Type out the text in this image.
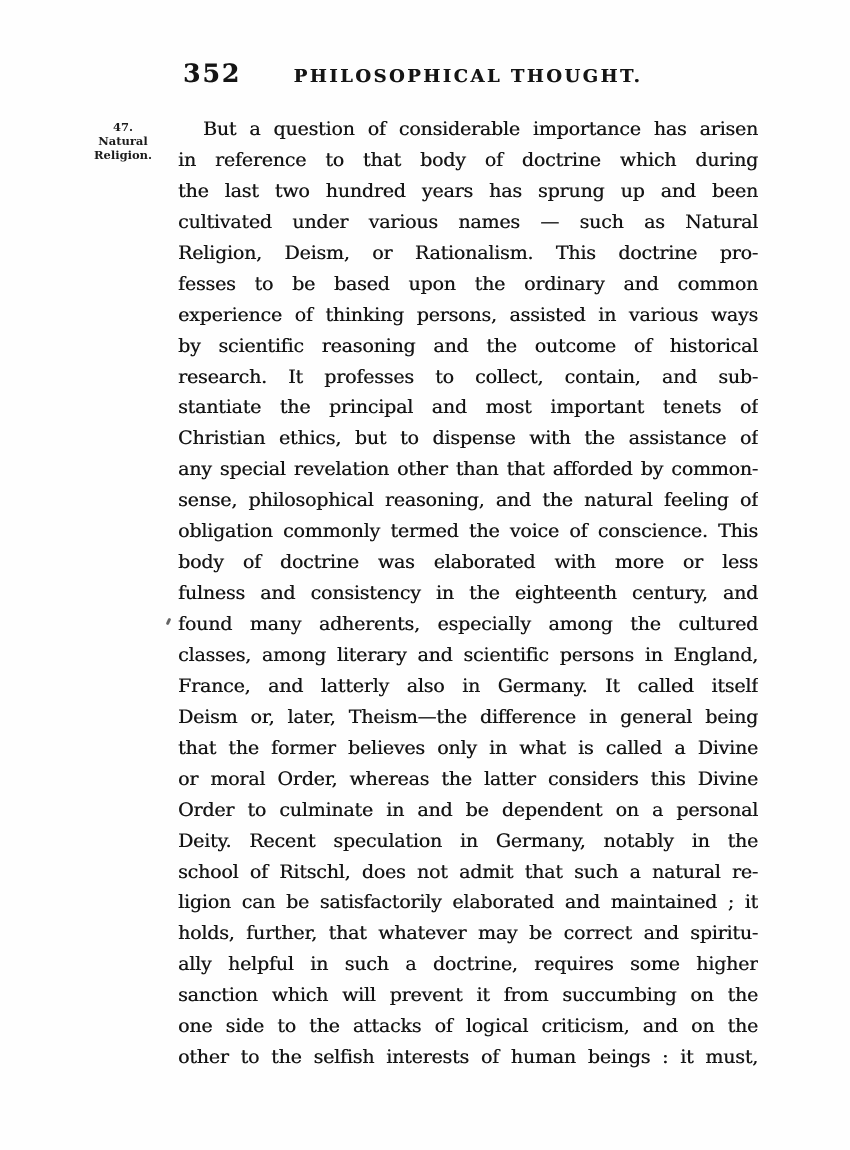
352	PHILOSOPHICAL THOUGHT.
47.
Natural
Religion.
But a question of considerable importance has arisen
in reference to that body of doctrine which during
the last two hundred years has sprung up and been
cultivated under various names — such as Natural
Religion, Deism, or Rationalism. This doctrine pro-
fesses to be based upon the ordinary and common
experience of thinking persons, assisted in various ways
by scientific reasoning and the outcome of historical
research. It professes to collect, contain, and sub-
stantiate the principal and most important tenets of
Christian ethics, but to dispense with the assistance of
any special revelation other than that afforded by common-
sense, philosophical reasoning, and the natural feeling of
obligation commonly termed the voice of conscience. This
body of doctrine was elaborated with more or less
fulness and consistency in the eighteenth century, and
found many adherents, especially among the cultured
classes, among literary and scientific persons in England,
France, and latterly also in Germany. It called itself
Deism or, later, Theism—the difference in general being
that the former believes only in what is called a Divine
or moral Order, whereas the latter considers this Divine
Order to culminate in and be dependent on a personal
Deity. Recent speculation in Germany, notably in the
school of Ritschl, does not admit that such a natural re-
ligion can be satisfactorily elaborated and maintained ; it
holds, further, that whatever may be correct and spiritu-
ally helpful in such a doctrine, requires some higher
sanction which will prevent it from succumbing on the
one side to the attacks of logical criticism, and on the
other to the selfish interests of human beings : it must,
